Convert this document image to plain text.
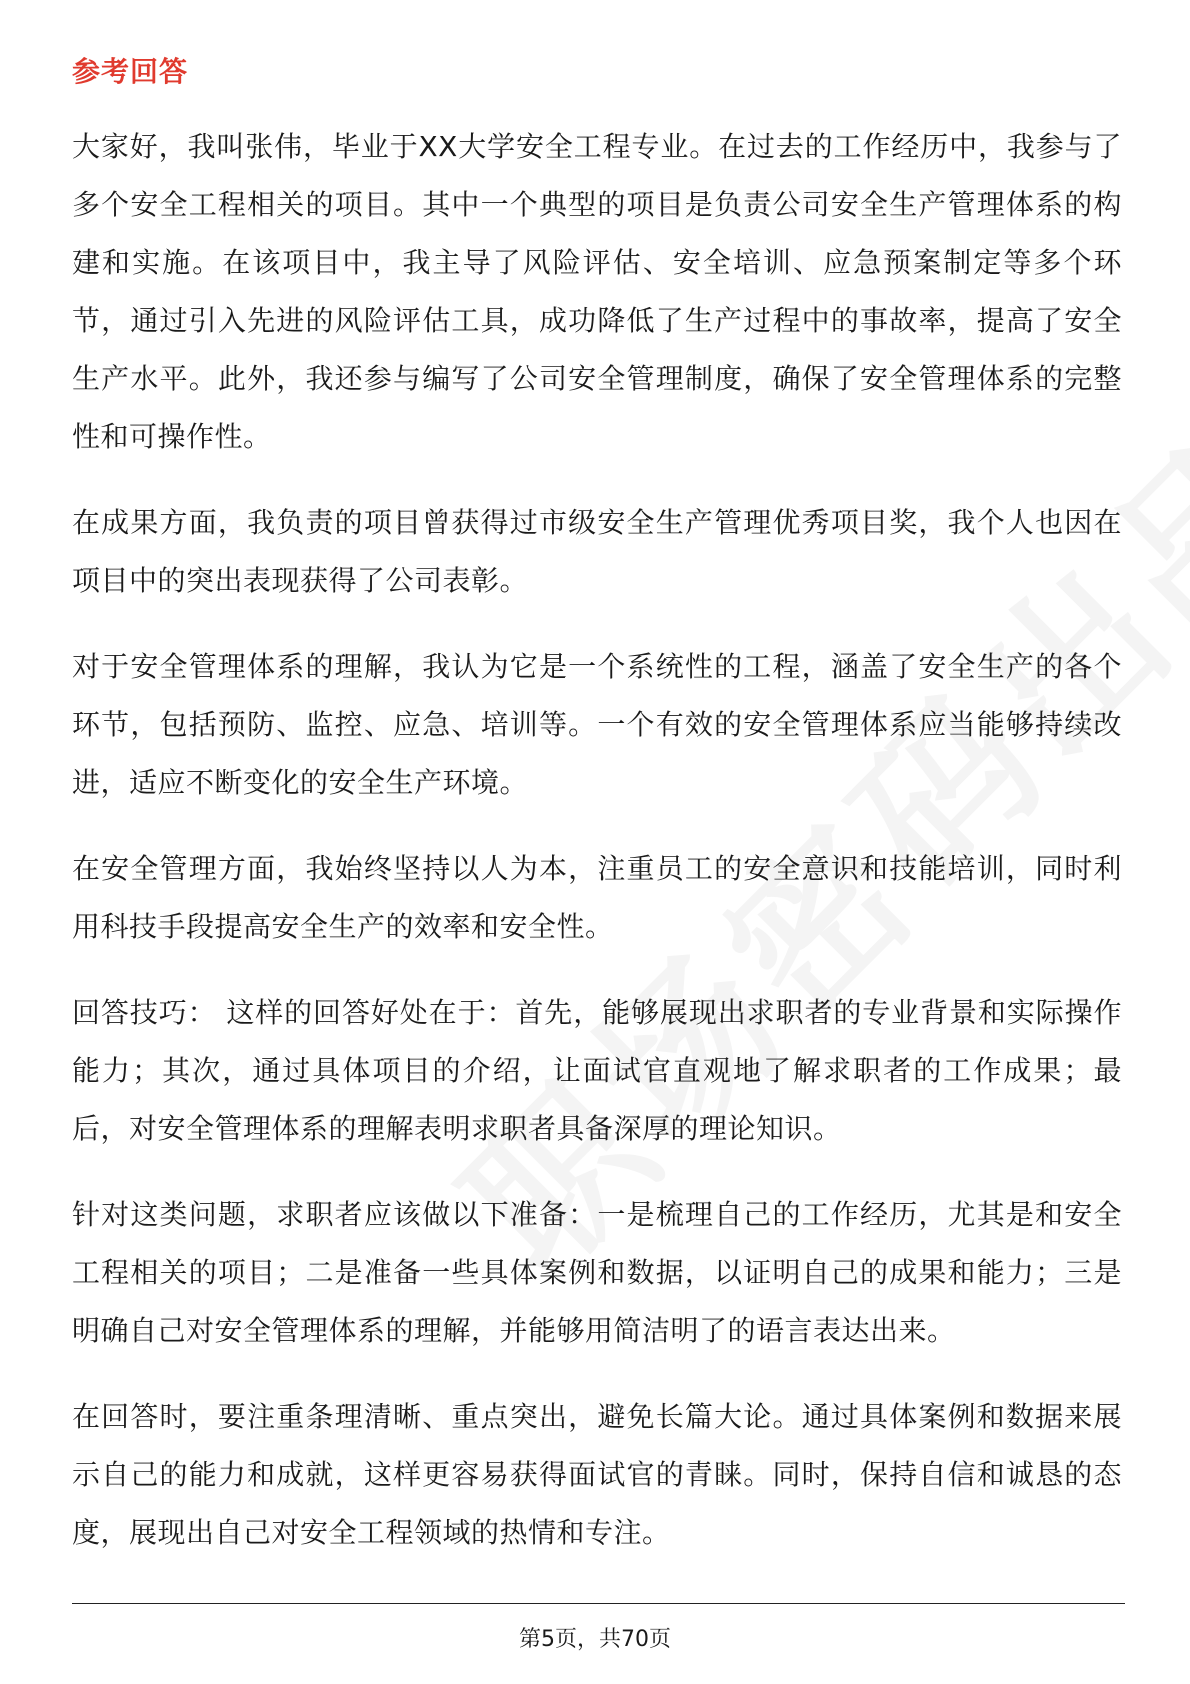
参考回答

大家好，我叫张伟，毕业于XX大学安全工程专业。在过去的工作经历中，我参与了多个安全工程相关的项目。其中一个典型的项目是负责公司安全生产管理体系的构建和实施。在该项目中，我主导了风险评估、安全培训、应急预案制定等多个环节，通过引入先进的风险评估工具，成功降低了生产过程中的事故率，提高了安全生产水平。此外，我还参与编写了公司安全管理制度，确保了安全管理体系的完整性和可操作性。

在成果方面，我负责的项目曾获得过市级安全生产管理优秀项目奖，我个人也因在项目中的突出表现获得了公司表彰。

对于安全管理体系的理解，我认为它是一个系统性的工程，涵盖了安全生产的各个环节，包括预防、监控、应急、培训等。一个有效的安全管理体系应当能够持续改进，适应不断变化的安全生产环境。

在安全管理方面，我始终坚持以人为本，注重员工的安全意识和技能培训，同时利用科技手段提高安全生产的效率和安全性。

回答技巧： 这样的回答好处在于：首先，能够展现出求职者的专业背景和实际操作能力；其次，通过具体项目的介绍，让面试官直观地了解求职者的工作成果；最后，对安全管理体系的理解表明求职者具备深厚的理论知识。

针对这类问题，求职者应该做以下准备：一是梳理自己的工作经历，尤其是和安全工程相关的项目；二是准备一些具体案例和数据，以证明自己的成果和能力；三是明确自己对安全管理体系的理解，并能够用简洁明了的语言表达出来。

在回答时，要注重条理清晰、重点突出，避免长篇大论。通过具体案例和数据来展示自己的能力和成就，这样更容易获得面试官的青睐。同时，保持自信和诚恳的态度，展现出自己对安全工程领域的热情和专注。

第5页，共70页
